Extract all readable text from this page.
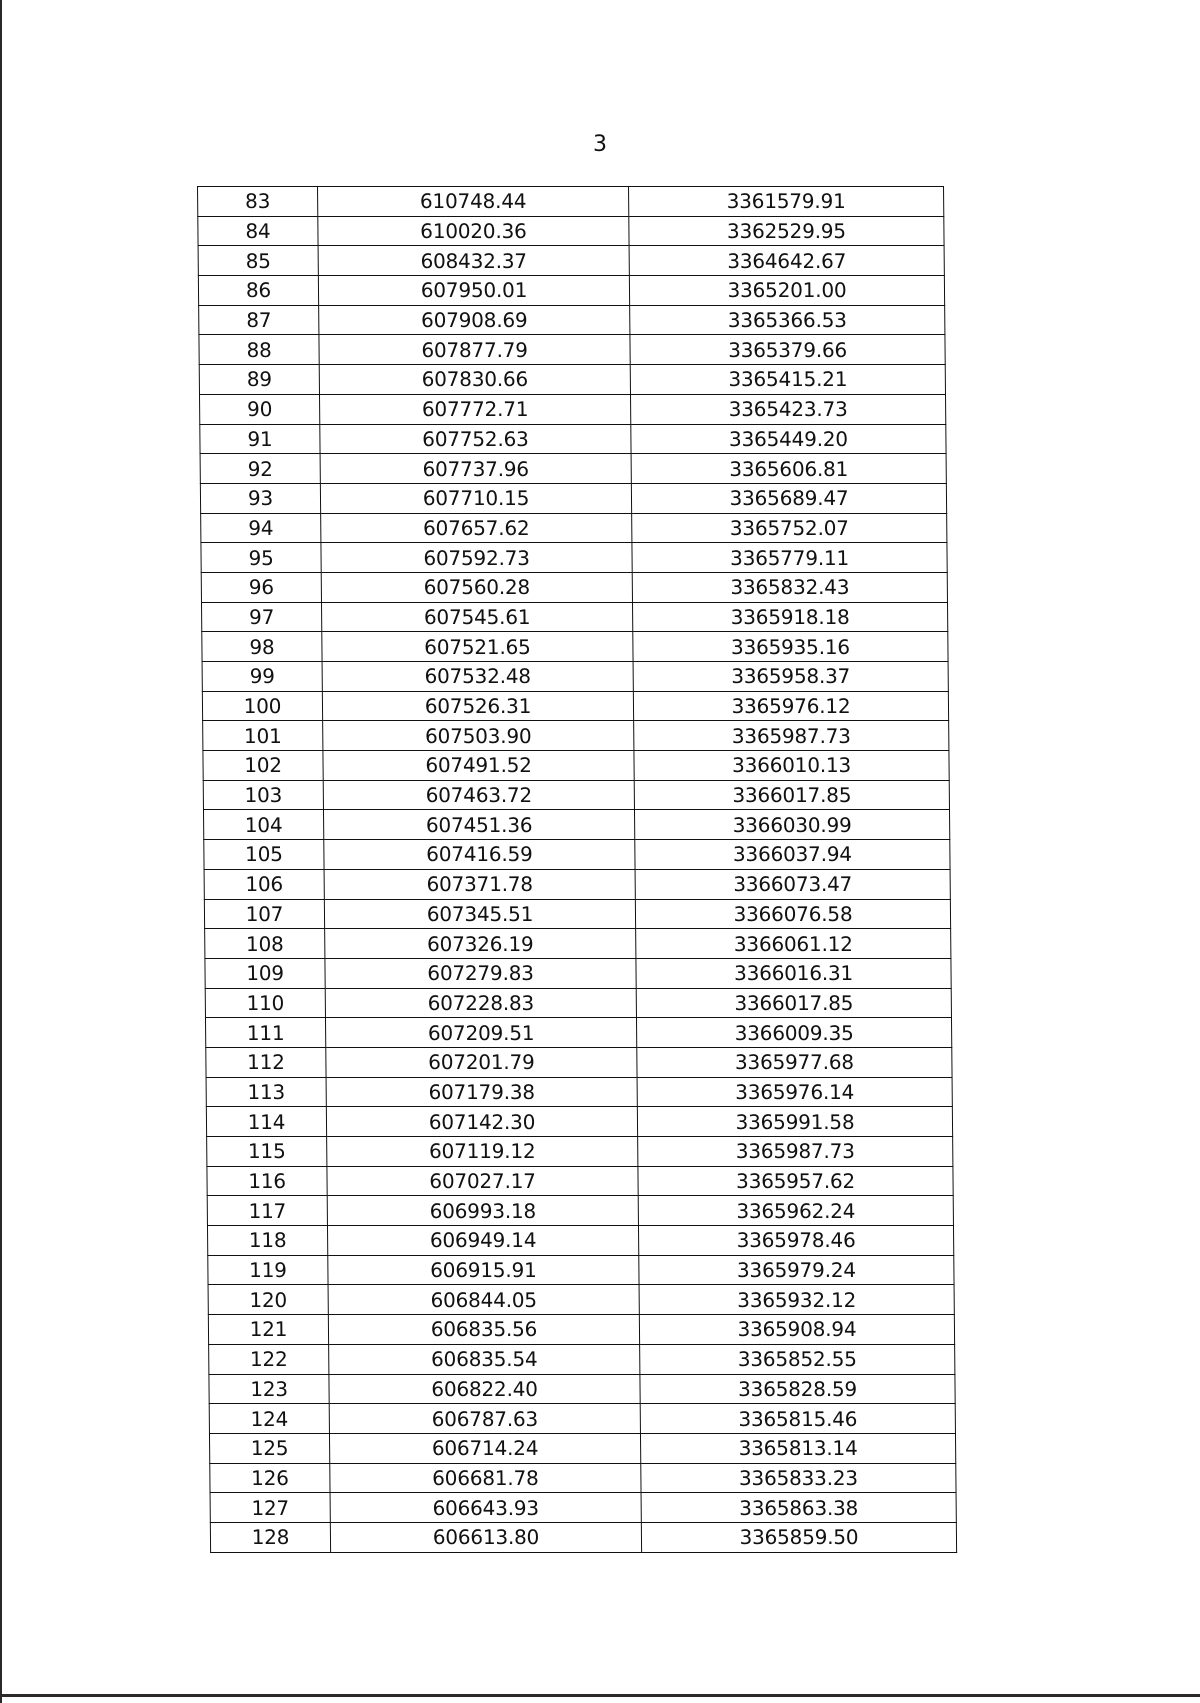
3
83	610748.44	3361579.91
84	610020.36	3362529.95
85	608432.37	3364642.67
86	607950.01	3365201.00
87	607908.69	3365366.53
88	607877.79	3365379.66
89	607830.66	3365415.21
90	607772.71	3365423.73
91	607752.63	3365449.20
92	607737.96	3365606.81
93	607710.15	3365689.47
94	607657.62	3365752.07
95	607592.73	3365779.11
96	607560.28	3365832.43
97	607545.61	3365918.18
98	607521.65	3365935.16
99	607532.48	3365958.37
100	607526.31	3365976.12
101	607503.90	3365987.73
102	607491.52	3366010.13
103	607463.72	3366017.85
104	607451.36	3366030.99
105	607416.59	3366037.94
106	607371.78	3366073.47
107	607345.51	3366076.58
108	607326.19	3366061.12
109	607279.83	3366016.31
110	607228.83	3366017.85
111	607209.51	3366009.35
112	607201.79	3365977.68
113	607179.38	3365976.14
114	607142.30	3365991.58
115	607119.12	3365987.73
116	607027.17	3365957.62
117	606993.18	3365962.24
118	606949.14	3365978.46
119	606915.91	3365979.24
120	606844.05	3365932.12
121	606835.56	3365908.94
122	606835.54	3365852.55
123	606822.40	3365828.59
124	606787.63	3365815.46
125	606714.24	3365813.14
126	606681.78	3365833.23
127	606643.93	3365863.38
128	606613.80	3365859.50
